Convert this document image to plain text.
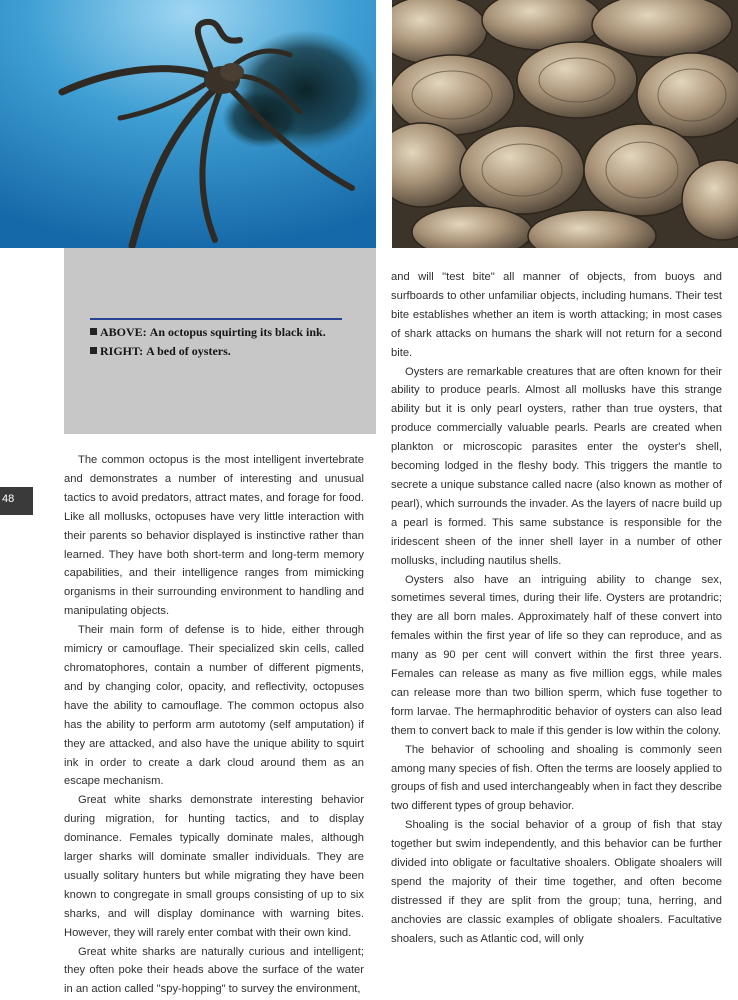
ABOVE: An octopus squirting its black ink.
RIGHT: A bed of oysters.
48

The common octopus is the most intelligent invertebrate and demonstrates a number of interesting and unusual tactics to avoid predators, attract mates, and forage for food. Like all mollusks, octopuses have very little interaction with their parents so behavior displayed is instinctive rather than learned. They have both short-term and long-term memory capabilities, and their intelligence ranges from mimicking organisms in their surrounding environment to handling and manipulating objects.

Their main form of defense is to hide, either through mimicry or camouflage. Their specialized skin cells, called chromatophores, contain a number of different pigments, and by changing color, opacity, and reflectivity, octopuses have the ability to camouflage. The common octopus also has the ability to perform arm autotomy (self amputation) if they are attacked, and also have the unique ability to squirt ink in order to create a dark cloud around them as an escape mechanism.

Great white sharks demonstrate interesting behavior during migration, for hunting tactics, and to display dominance. Females typically dominate males, although larger sharks will dominate smaller individuals. They are usually solitary hunters but while migrating they have been known to congregate in small groups consisting of up to six sharks, and will display dominance with warning bites. However, they will rarely enter combat with their own kind.

Great white sharks are naturally curious and intelligent; they often poke their heads above the surface of the water in an action called "spy-hopping" to survey the environment,

and will "test bite" all manner of objects, from buoys and surfboards to other unfamiliar objects, including humans. Their test bite establishes whether an item is worth attacking; in most cases of shark attacks on humans the shark will not return for a second bite.

Oysters are remarkable creatures that are often known for their ability to produce pearls. Almost all mollusks have this strange ability but it is only pearl oysters, rather than true oysters, that produce commercially valuable pearls. Pearls are created when plankton or microscopic parasites enter the oyster's shell, becoming lodged in the fleshy body. This triggers the mantle to secrete a unique substance called nacre (also known as mother of pearl), which surrounds the invader. As the layers of nacre build up a pearl is formed. This same substance is responsible for the iridescent sheen of the inner shell layer in a number of other mollusks, including nautilus shells.

Oysters also have an intriguing ability to change sex, sometimes several times, during their life. Oysters are protandric; they are all born males. Approximately half of these convert into females within the first year of life so they can reproduce, and as many as 90 per cent will convert within the first three years. Females can release as many as five million eggs, while males can release more than two billion sperm, which fuse together to form larvae. The hermaphroditic behavior of oysters can also lead them to convert back to male if this gender is low within the colony.

The behavior of schooling and shoaling is commonly seen among many species of fish. Often the terms are loosely applied to groups of fish and used interchangeably when in fact they describe two different types of group behavior.

Shoaling is the social behavior of a group of fish that stay together but swim independently, and this behavior can be further divided into obligate or facultative shoalers. Obligate shoalers will spend the majority of their time together, and often become distressed if they are split from the group; tuna, herring, and anchovies are classic examples of obligate shoalers. Facultative shoalers, such as Atlantic cod, will only
